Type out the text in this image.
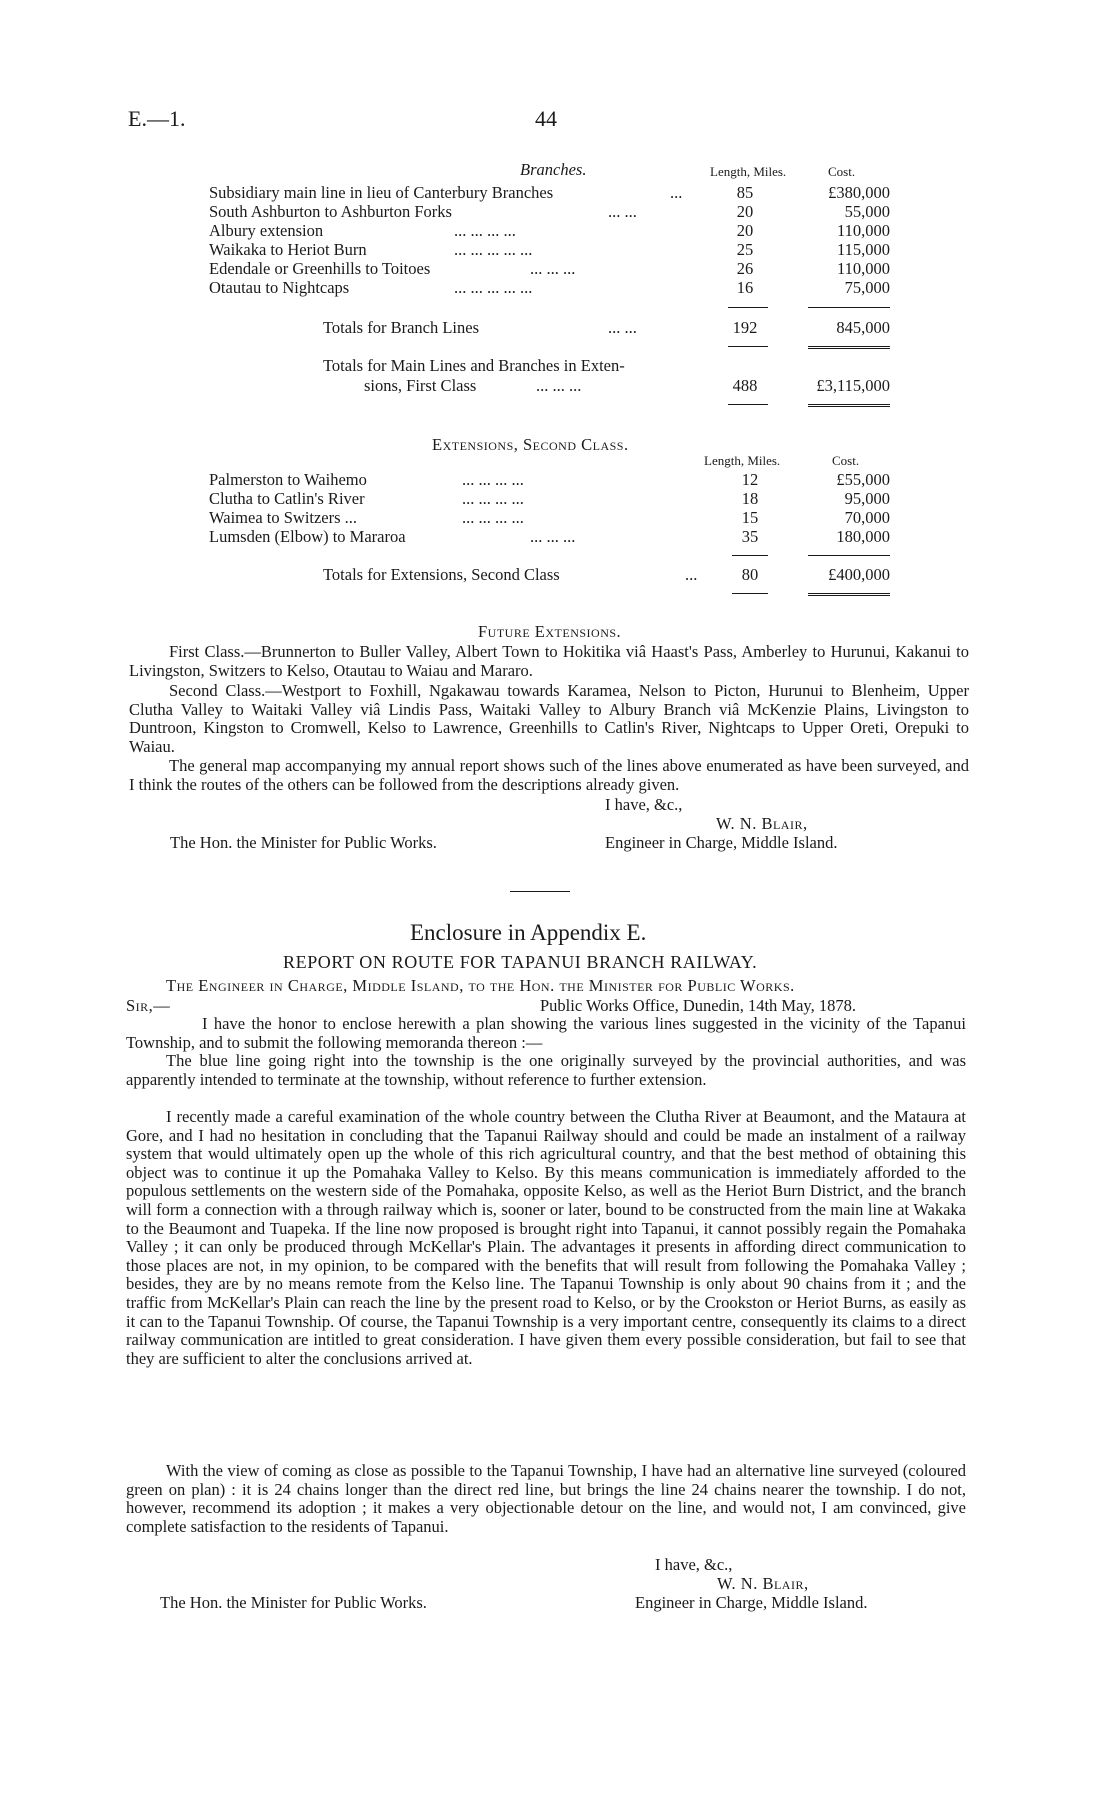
E.—1.	44
Branches.	Length, Miles.	Cost.
Subsidiary main line in lieu of Canterbury Branches	...	85	£380,000
South Ashburton to Ashburton Forks	... ...	20	55,000
Albury extension	... ... ... ...	20	110,000
Waikaka to Heriot Burn	... ... ... ... ...	25	115,000
Edendale or Greenhills to Toitoes	... ... ...	26	110,000
Otautau to Nightcaps	... ... ... ... ...	16	75,000
Totals for Branch Lines	... ...	192	845,000
Totals for Main Lines and Branches in Exten-
sions, First Class	... ... ...	488	£3,115,000
Extensions, Second Class.
Length, Miles.	Cost.
Palmerston to Waihemo	... ... ... ...	12	£55,000
Clutha to Catlin's River	... ... ... ...	18	95,000
Waimea to Switzers ...	... ... ... ...	15	70,000
Lumsden (Elbow) to Mararoa	... ... ...	35	180,000
Totals for Extensions, Second Class	...	80	£400,000
Future Extensions.
First Class.—Brunnerton to Buller Valley, Albert Town to Hokitika viâ Haast's Pass, Amberley to Hurunui, Kakanui to Livingston, Switzers to Kelso, Otautau to Waiau and Mararo.
Second Class.—Westport to Foxhill, Ngakawau towards Karamea, Nelson to Picton, Hurunui to Blenheim, Upper Clutha Valley to Waitaki Valley viâ Lindis Pass, Waitaki Valley to Albury Branch viâ McKenzie Plains, Livingston to Duntroon, Kingston to Cromwell, Kelso to Lawrence, Greenhills to Catlin's River, Nightcaps to Upper Oreti, Orepuki to Waiau.
The general map accompanying my annual report shows such of the lines above enumerated as have been surveyed, and I think the routes of the others can be followed from the descriptions already given.
I have, &c.,
W. N. Blair,
The Hon. the Minister for Public Works.	Engineer in Charge, Middle Island.
Enclosure in Appendix E.
REPORT ON ROUTE FOR TAPANUI BRANCH RAILWAY.
The Engineer in Charge, Middle Island, to the Hon. the Minister for Public Works.
Sir,—	Public Works Office, Dunedin, 14th May, 1878.
I have the honor to enclose herewith a plan showing the various lines suggested in the vicinity of the Tapanui Township, and to submit the following memoranda thereon :—
The blue line going right into the township is the one originally surveyed by the provincial authorities, and was apparently intended to terminate at the township, without reference to further extension.
I recently made a careful examination of the whole country between the Clutha River at Beaumont, and the Mataura at Gore, and I had no hesitation in concluding that the Tapanui Railway should and could be made an instalment of a railway system that would ultimately open up the whole of this rich agricultural country, and that the best method of obtaining this object was to continue it up the Pomahaka Valley to Kelso. By this means communication is immediately afforded to the populous settlements on the western side of the Pomahaka, opposite Kelso, as well as the Heriot Burn District, and the branch will form a connection with a through railway which is, sooner or later, bound to be constructed from the main line at Wakaka to the Beaumont and Tuapeka. If the line now proposed is brought right into Tapanui, it cannot possibly regain the Pomahaka Valley ; it can only be produced through McKellar's Plain. The advantages it presents in affording direct communication to those places are not, in my opinion, to be compared with the benefits that will result from following the Pomahaka Valley ; besides, they are by no means remote from the Kelso line. The Tapanui Township is only about 90 chains from it ; and the traffic from McKellar's Plain can reach the line by the present road to Kelso, or by the Crookston or Heriot Burns, as easily as it can to the Tapanui Township. Of course, the Tapanui Township is a very important centre, consequently its claims to a direct railway communication are intitled to great consideration. I have given them every possible consideration, but fail to see that they are sufficient to alter the conclusions arrived at.
With the view of coming as close as possible to the Tapanui Township, I have had an alternative line surveyed (coloured green on plan) : it is 24 chains longer than the direct red line, but brings the line 24 chains nearer the township. I do not, however, recommend its adoption ; it makes a very objectionable detour on the line, and would not, I am convinced, give complete satisfaction to the residents of Tapanui.
I have, &c.,
W. N. Blair,
The Hon. the Minister for Public Works.	Engineer in Charge, Middle Island.
